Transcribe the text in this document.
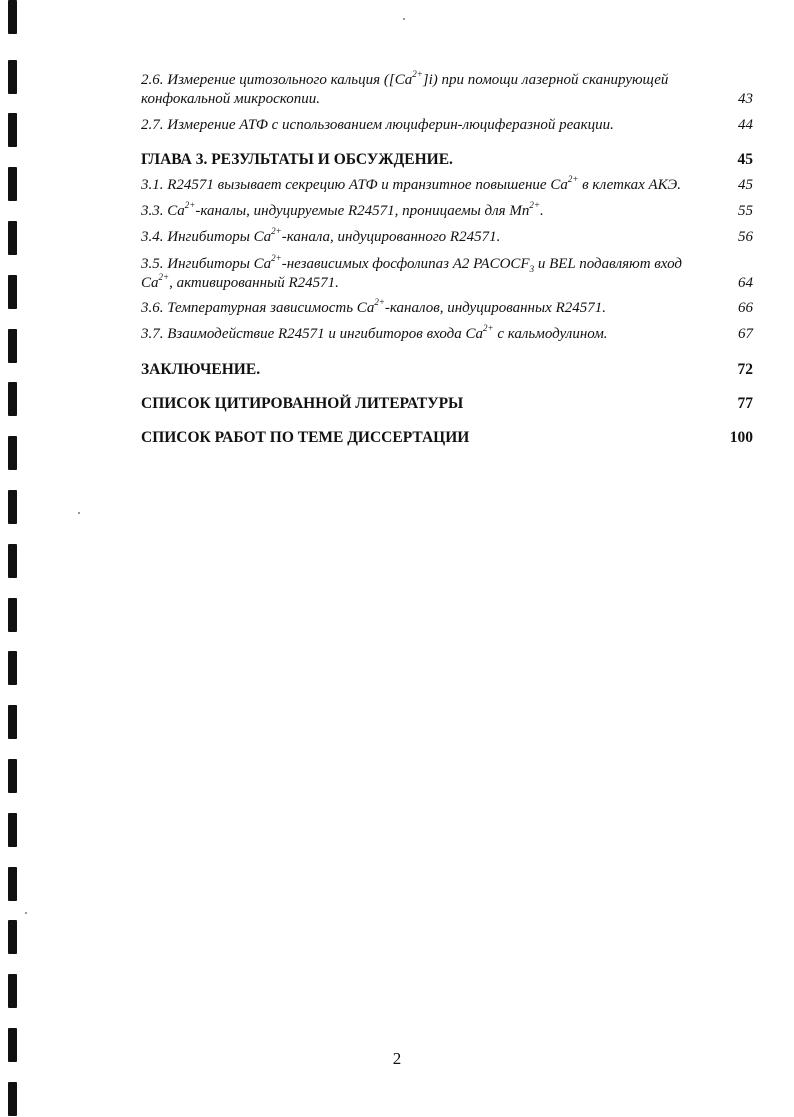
2.6. Измерение цитозольного кальция $([Ca^{2+}]i)$ при помощи лазерной сканирующей
конфокальной микроскопии.	43
2.7. Измерение АТФ с использованием люциферин-люциферазной реакции.	44
ГЛАВА 3. РЕЗУЛЬТАТЫ И ОБСУЖДЕНИЕ.	45
3.1. R24571 вызывает секрецию АТФ и транзитное повышение $Ca^{2+}$ в клетках АКЭ.	45
3.3. $Ca^{2+}$-каналы, индуцируемые R24571, проницаемы для $Mn^{2+}$.	55
3.4. Ингибиторы $Ca^{2+}$-канала, индуцированного R24571.	56
3.5. Ингибиторы $Ca^{2+}$-независимых фосфолипаз А2 $PACOCF_3$ и BEL подавляют вход
$Ca^{2+}$, активированный R24571.	64
3.6. Температурная зависимость $Ca^{2+}$-каналов, индуцированных R24571.	66
3.7. Взаимодействие R24571 и ингибиторов входа $Ca^{2+}$ с кальмодулином.	67
ЗАКЛЮЧЕНИЕ.	72
СПИСОК ЦИТИРОВАННОЙ ЛИТЕРАТУРЫ	77
СПИСОК РАБОТ ПО ТЕМЕ ДИССЕРТАЦИИ	100
2
